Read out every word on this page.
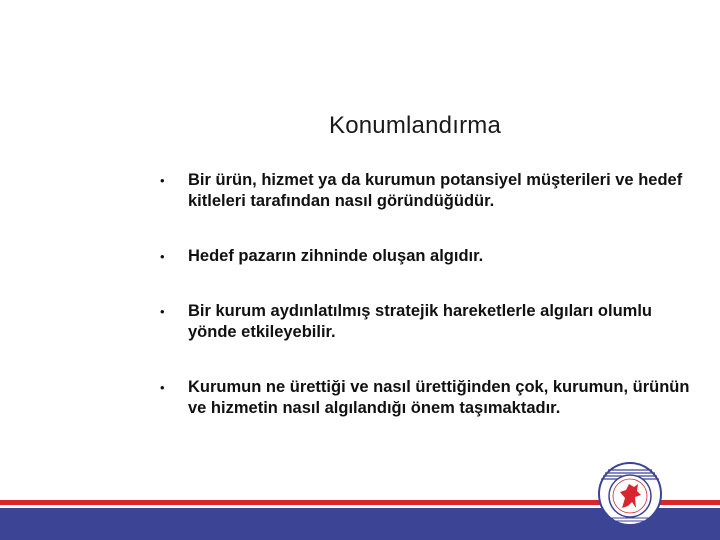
Konumlandırma
• Bir ürün, hizmet ya da kurumun potansiyel müşterileri ve hedef kitleleri tarafından nasıl göründüğüdür.
• Hedef pazarın zihninde oluşan algıdır.
• Bir kurum aydınlatılmış stratejik hareketlerle algıları olumlu yönde etkileyebilir.
• Kurumun ne ürettiği ve nasıl ürettiğinden çok, kurumun, ürünün ve hizmetin nasıl algılandığı önem taşımaktadır.
